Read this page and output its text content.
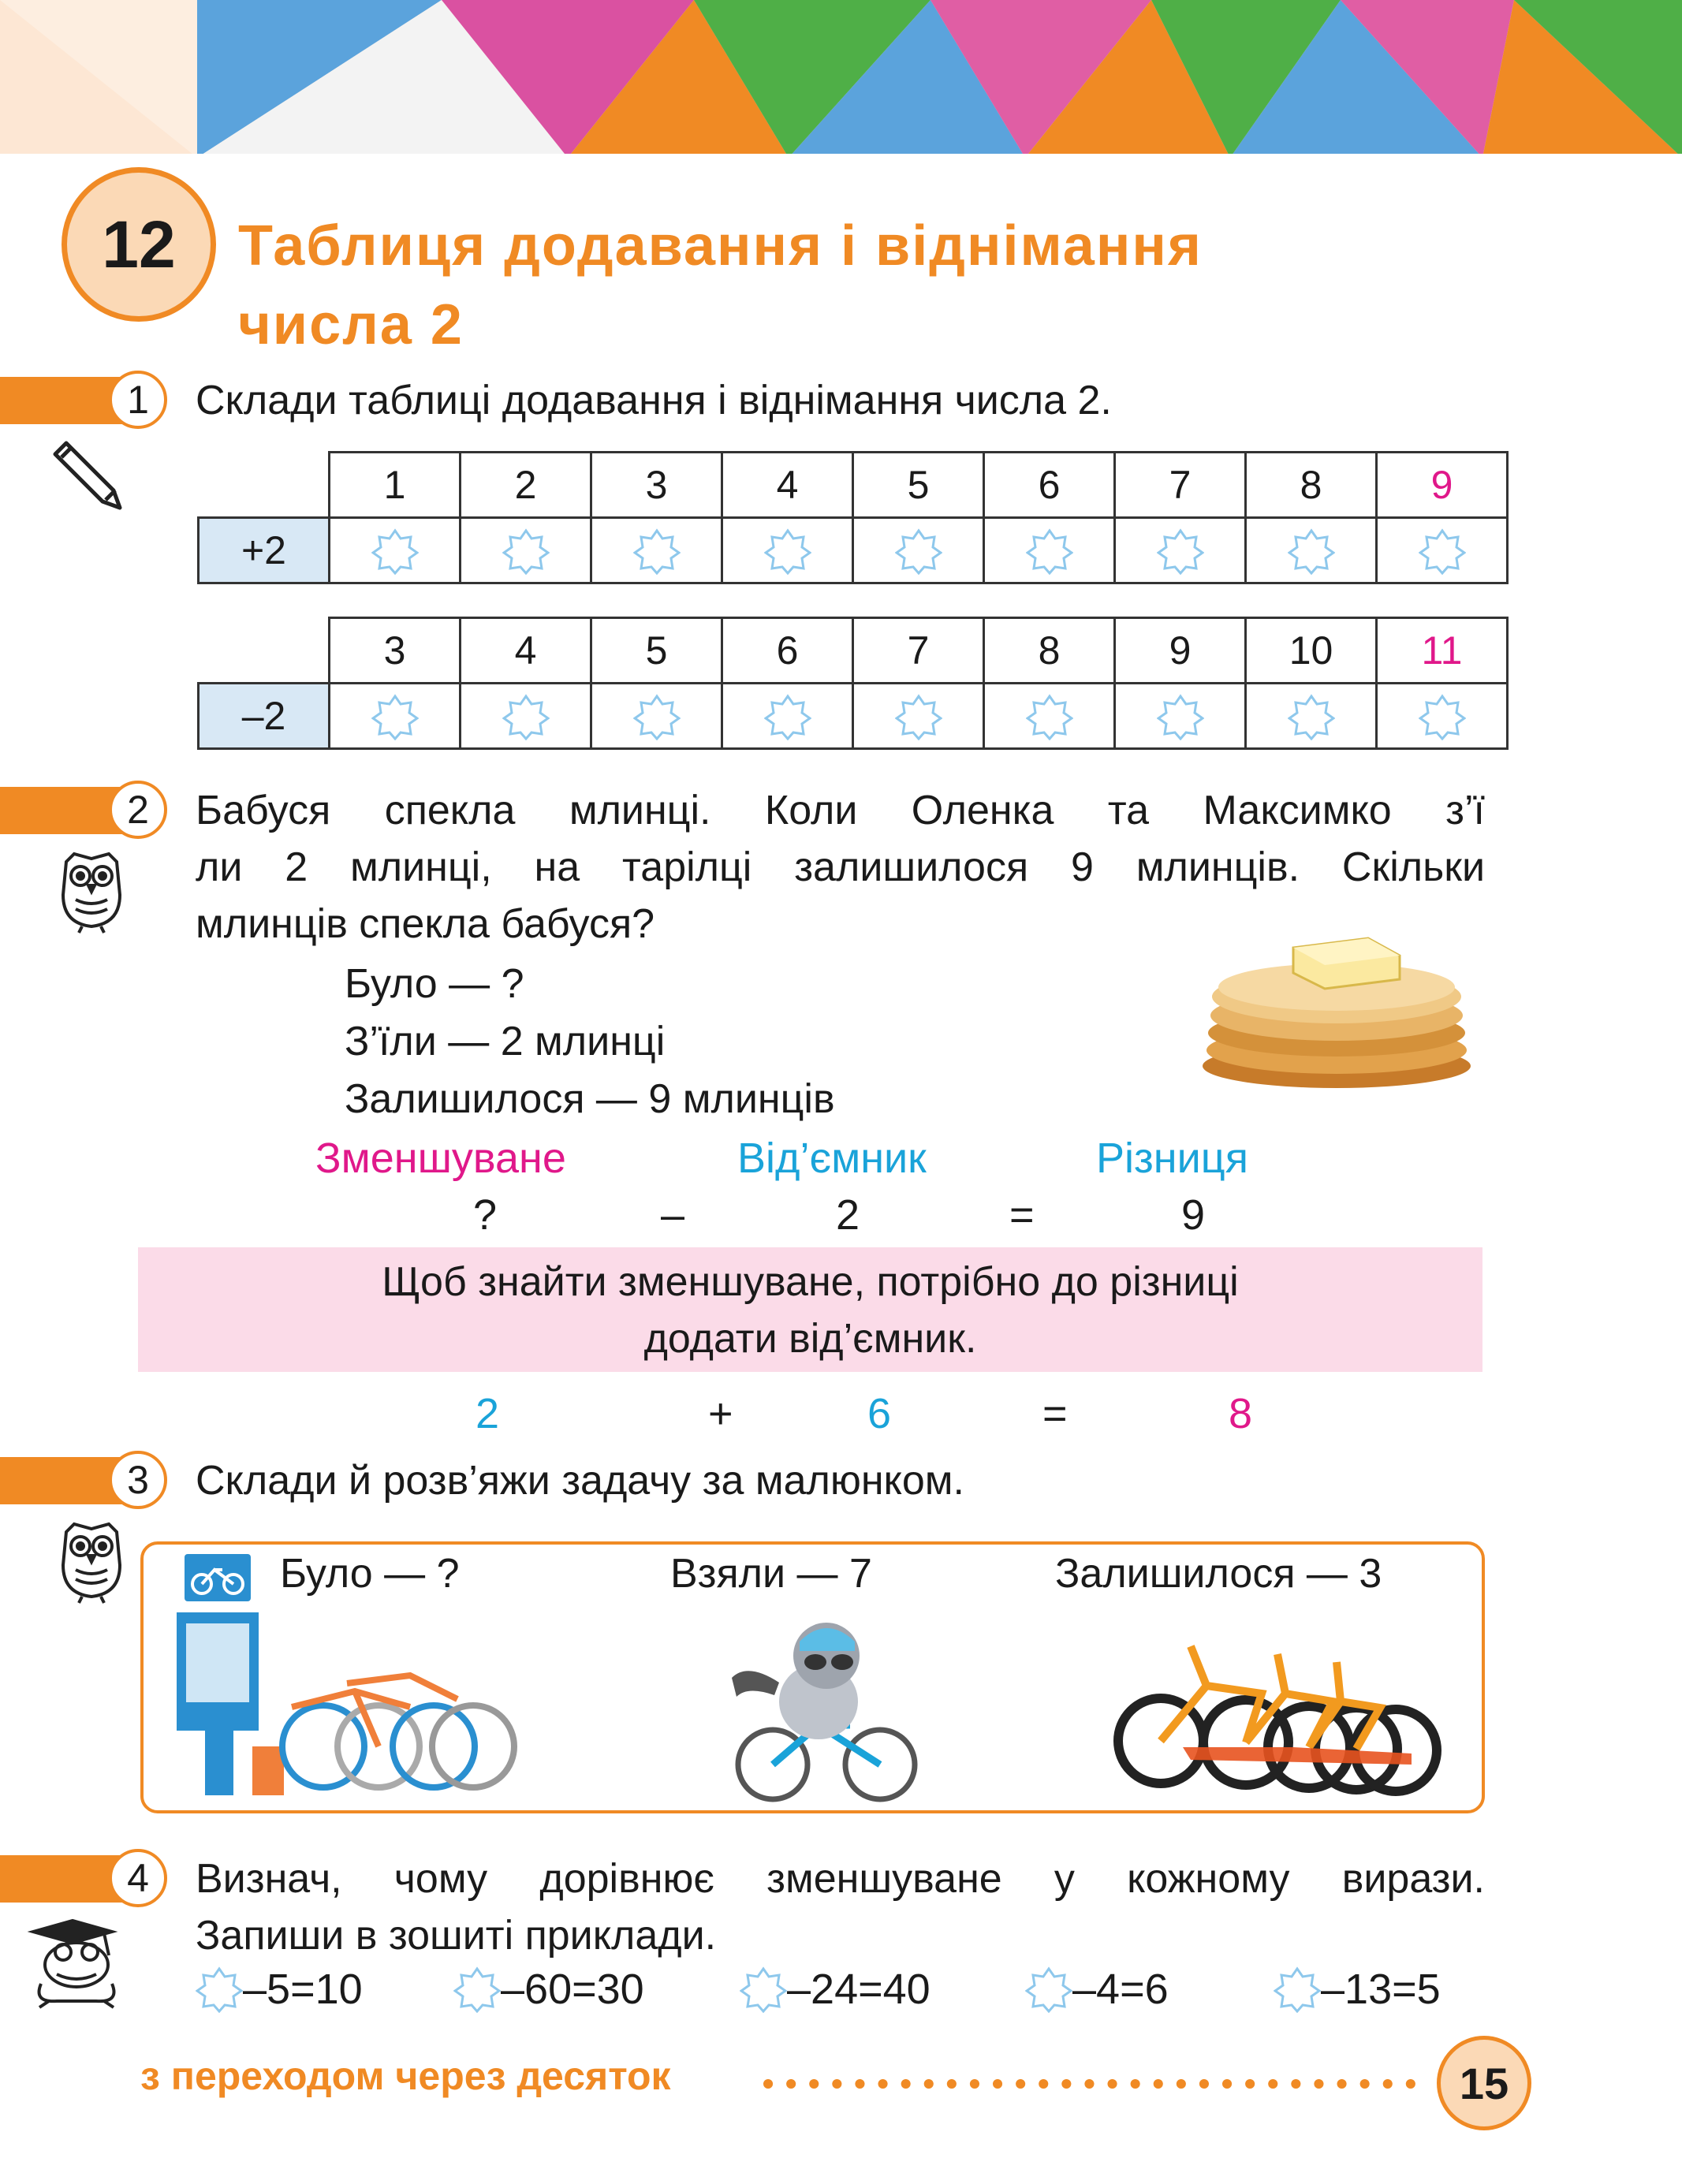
12	Таблиця додавання і віднімання
числа 2
1	Склади таблиці додавання і віднімання числа 2.
	1	2	3	4	5	6	7	8	9
+2									
	3	4	5	6	7	8	9	10	11
–2									
2	Бабуся спекла млинці. Коли Оленка та Максимко з’ї
ли 2 млинці, на тарілці залишилося 9 млинців. Скільки
млинців спекла бабуся?
Було — ?
З’їли — 2 млинці
Залишилося — 9 млинців
Зменшуване	Від’ємник	Різниця
?	–	2	=	9
Щоб знайти зменшуване, потрібно до різниці
додати від’ємник.
2	+	6	=	8
3	Склади й розв’яжи задачу за малюнком.
Було — ?	Взяли — 7	Залишилося — 3
4	Визнач, чому дорівнює зменшуване у кожному вирази.
Запиши в зошиті приклади.
–5=10	–60=30	–24=40	–4=6	–13=5
з переходом через десяток	15
